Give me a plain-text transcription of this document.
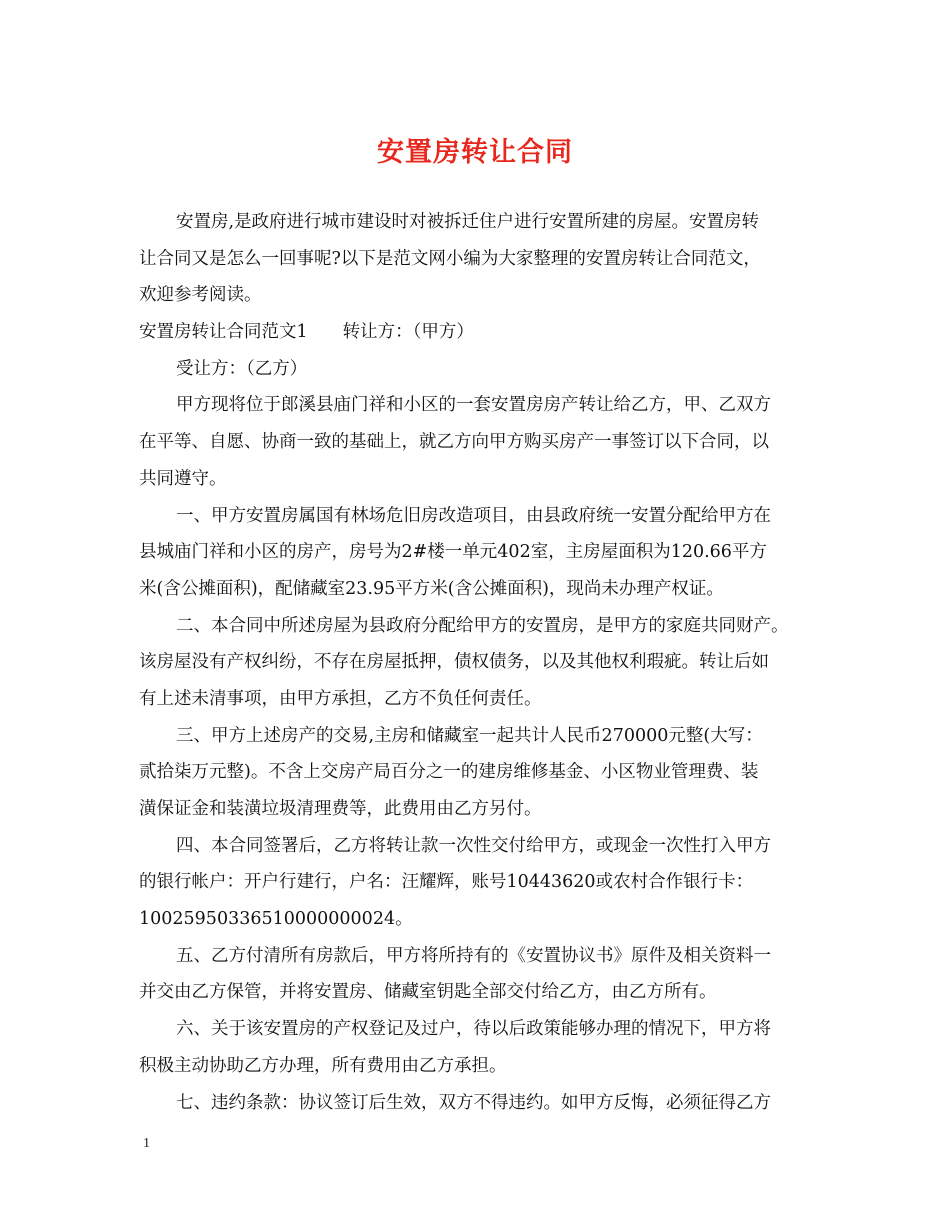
安置房转让合同
安置房,是政府进行城市建设时对被拆迁住户进行安置所建的房屋。安置房转
让合同又是怎么一回事呢?以下是范文网小编为大家整理的安置房转让合同范文，
欢迎参考阅读。
安置房转让合同范文1　　转让方：（甲方）
受让方：（乙方）
甲方现将位于郎溪县庙门祥和小区的一套安置房房产转让给乙方，甲、乙双方
在平等、自愿、协商一致的基础上，就乙方向甲方购买房产一事签订以下合同，以
共同遵守。
一、甲方安置房属国有林场危旧房改造项目，由县政府统一安置分配给甲方在
县城庙门祥和小区的房产，房号为2#楼一单元402室，主房屋面积为120.66平方
米(含公摊面积)，配储藏室23.95平方米(含公摊面积)，现尚未办理产权证。
二、本合同中所述房屋为县政府分配给甲方的安置房，是甲方的家庭共同财产。
该房屋没有产权纠纷，不存在房屋抵押，债权债务，以及其他权利瑕疵。转让后如
有上述未清事项，由甲方承担，乙方不负任何责任。
三、甲方上述房产的交易,主房和储藏室一起共计人民币270000元整(大写：
贰拾柒万元整)。不含上交房产局百分之一的建房维修基金、小区物业管理费、装
潢保证金和装潢垃圾清理费等，此费用由乙方另付。
四、本合同签署后，乙方将转让款一次性交付给甲方，或现金一次性打入甲方
的银行帐户：开户行建行，户名：汪耀辉，账号10443620或农村合作银行卡：
10025950336510000000024。
五、乙方付清所有房款后，甲方将所持有的《安置协议书》原件及相关资料一
并交由乙方保管，并将安置房、储藏室钥匙全部交付给乙方，由乙方所有。
六、关于该安置房的产权登记及过户，待以后政策能够办理的情况下，甲方将
积极主动协助乙方办理，所有费用由乙方承担。
七、违约条款：协议签订后生效，双方不得违约。如甲方反悔，必须征得乙方
1
